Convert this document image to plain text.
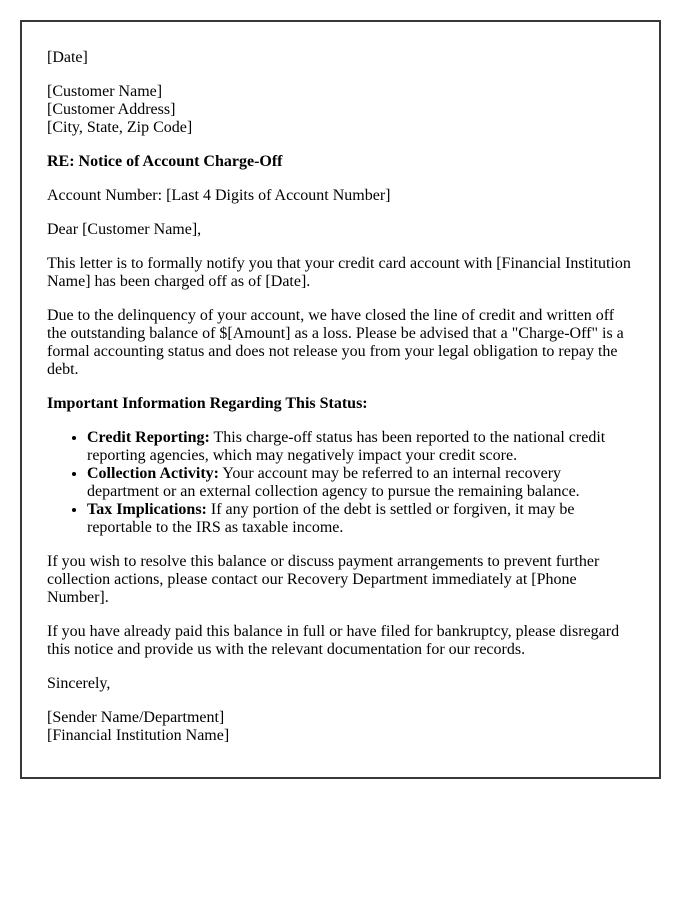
[Date]

[Customer Name]
[Customer Address]
[City, State, Zip Code]

RE: Notice of Account Charge-Off

Account Number: [Last 4 Digits of Account Number]

Dear [Customer Name],

This letter is to formally notify you that your credit card account with [Financial Institution Name] has been charged off as of [Date].

Due to the delinquency of your account, we have closed the line of credit and written off the outstanding balance of $[Amount] as a loss. Please be advised that a "Charge-Off" is a formal accounting status and does not release you from your legal obligation to repay the debt.

Important Information Regarding This Status:

• Credit Reporting: This charge-off status has been reported to the national credit reporting agencies, which may negatively impact your credit score.
• Collection Activity: Your account may be referred to an internal recovery department or an external collection agency to pursue the remaining balance.
• Tax Implications: If any portion of the debt is settled or forgiven, it may be reportable to the IRS as taxable income.

If you wish to resolve this balance or discuss payment arrangements to prevent further collection actions, please contact our Recovery Department immediately at [Phone Number].

If you have already paid this balance in full or have filed for bankruptcy, please disregard this notice and provide us with the relevant documentation for our records.

Sincerely,

[Sender Name/Department]
[Financial Institution Name]
